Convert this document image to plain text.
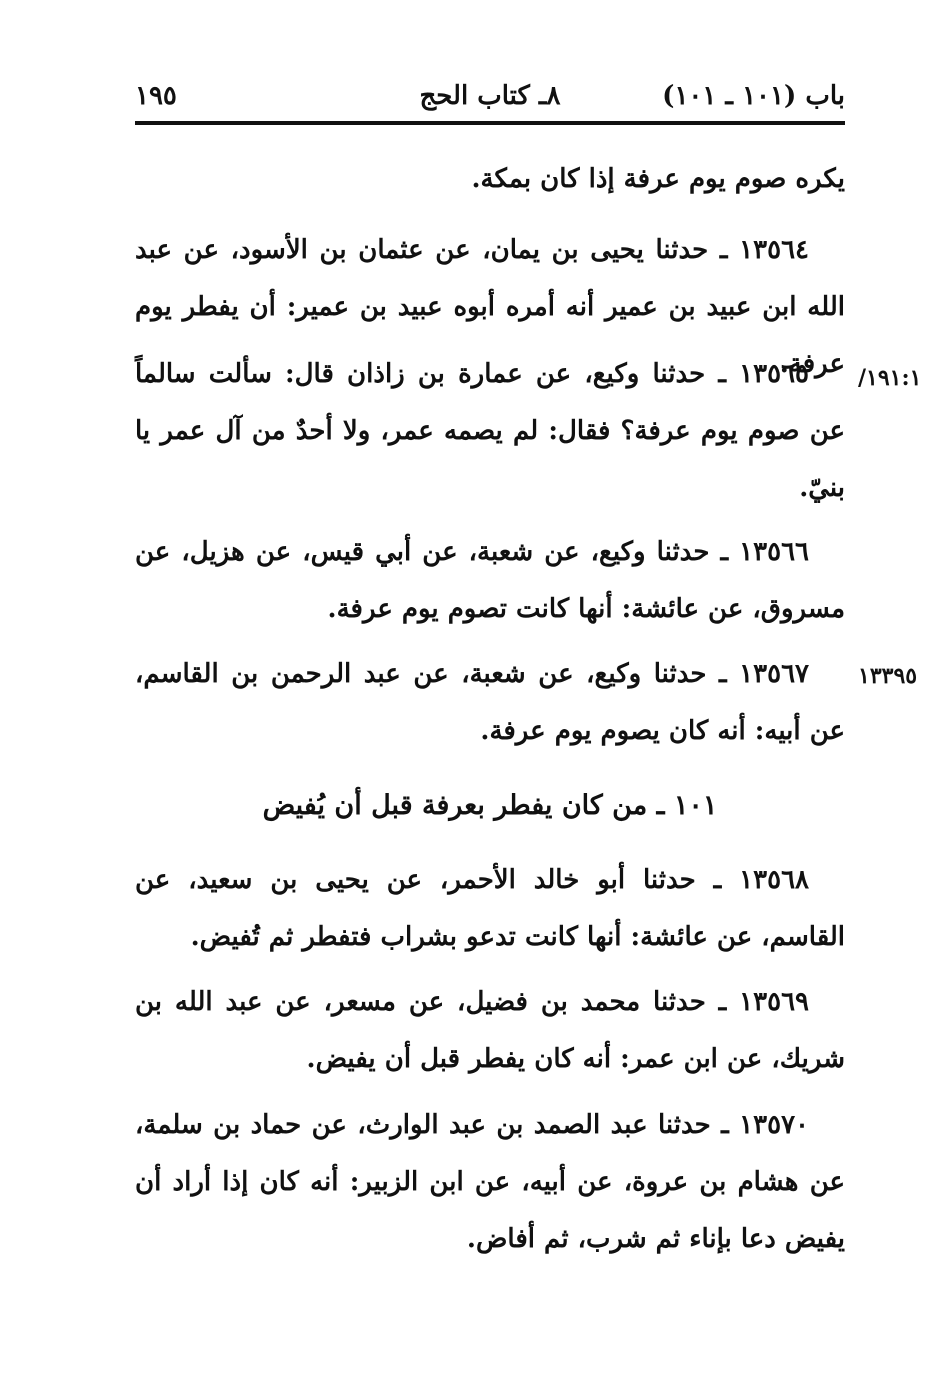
باب (١٠١ ـ ١٠١)
٨ـ كتاب الحج
١٩٥
يكره صوم يوم عرفة إذا كان بمكة.
١٣٥٦٤ ـ حدثنا يحيى بن يمان، عن عثمان بن الأسود، عن عبد الله ابن عبيد بن عمير أنه أمره أبوه عبيد بن عمير: أن يفطر يوم عرفة.
١٣٥٦٥ ـ حدثنا وكيع، عن عمارة بن زاذان قال: سألت سالماً عن صوم يوم عرفة؟ فقال: لم يصمه عمر، ولا أحدٌ من آل عمر يا بنيّ.
١٩١:١/
١٣٥٦٦ ـ حدثنا وكيع، عن شعبة، عن أبي قيس، عن هزيل، عن مسروق، عن عائشة: أنها كانت تصوم يوم عرفة.
١٣٥٦٧ ـ حدثنا وكيع، عن شعبة، عن عبد الرحمن بن القاسم، عن أبيه: أنه كان يصوم يوم عرفة.
١٣٣٩٥
١٠١ ـ من كان يفطر بعرفة قبل أن يُفيض
١٣٥٦٨ ـ حدثنا أبو خالد الأحمر، عن يحيى بن سعيد، عن القاسم، عن عائشة: أنها كانت تدعو بشراب فتفطر ثم تُفيض.
١٣٥٦٩ ـ حدثنا محمد بن فضيل، عن مسعر، عن عبد الله بن شريك، عن ابن عمر: أنه كان يفطر قبل أن يفيض.
١٣٥٧٠ ـ حدثنا عبد الصمد بن عبد الوارث، عن حماد بن سلمة، عن هشام بن عروة، عن أبيه، عن ابن الزبير: أنه كان إذا أراد أن يفيض دعا بإناء ثم شرب، ثم أفاض.
